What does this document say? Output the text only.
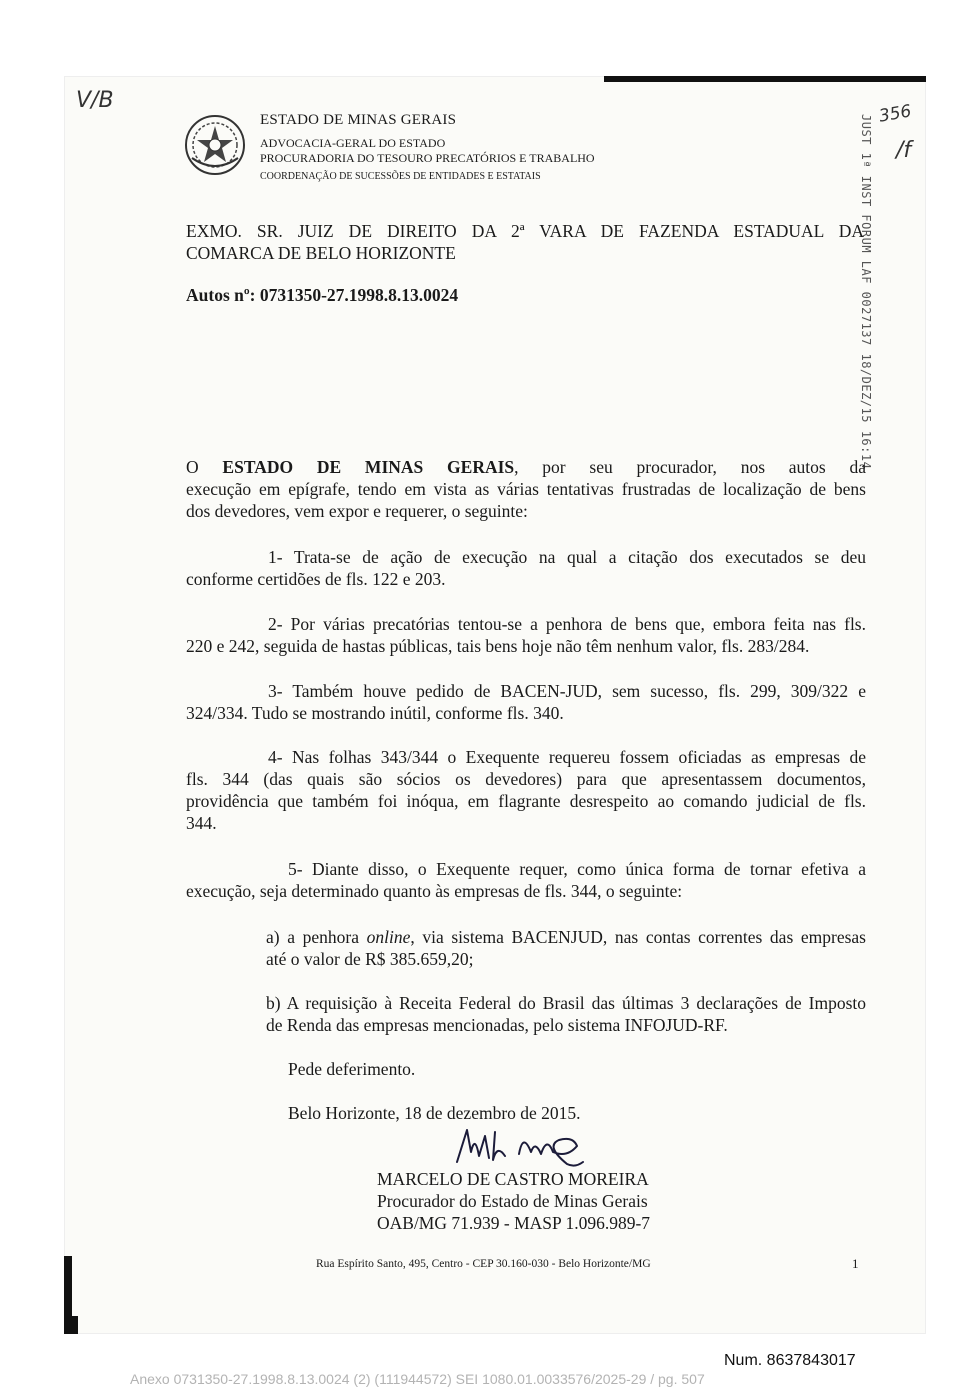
V/B
356
/f
JUST 1ª INST FORUM LAF 0027137 18/DEZ/15 16:14
ESTADO DE MINAS GERAIS
ADVOCACIA-GERAL DO ESTADO
PROCURADORIA DO TESOURO PRECATÓRIOS E TRABALHO
COORDENAÇÃO DE SUCESSÕES DE ENTIDADES E ESTATAIS
EXMO. SR. JUIZ DE DIREITO DA 2ª VARA DE FAZENDA ESTADUAL DA
COMARCA DE BELO HORIZONTE
Autos nº: 0731350-27.1998.8.13.0024
O ESTADO DE MINAS GERAIS, por seu procurador, nos autos da
execução em epígrafe, tendo em vista as várias tentativas frustradas de localização de bens
dos devedores, vem expor e requerer, o seguinte:
1- Trata-se de ação de execução na qual a citação dos executados se deu
conforme certidões de fls. 122 e 203.
2- Por várias precatórias tentou-se a penhora de bens que, embora feita nas fls.
220 e 242, seguida de hastas públicas, tais bens hoje não têm nenhum valor, fls. 283/284.
3- Também houve pedido de BACEN-JUD, sem sucesso, fls. 299, 309/322 e
324/334. Tudo se mostrando inútil, conforme fls. 340.
4- Nas folhas 343/344 o Exequente requereu fossem oficiadas as empresas de
fls. 344 (das quais são sócios os devedores) para que apresentassem documentos,
providência que também foi inóqua, em flagrante desrespeito ao comando judicial de fls.
344.
5- Diante disso, o Exequente requer, como única forma de tornar efetiva a
execução, seja determinado quanto às empresas de fls. 344, o seguinte:
a) a penhora online, via sistema BACENJUD, nas contas correntes das empresas
até o valor de R$ 385.659,20;
b) A requisição à Receita Federal do Brasil das últimas 3 declarações de Imposto
de Renda das empresas mencionadas, pelo sistema INFOJUD-RF.
Pede deferimento.
Belo Horizonte, 18 de dezembro de 2015.
MARCELO DE CASTRO MOREIRA
Procurador do Estado de Minas Gerais
OAB/MG 71.939 - MASP 1.096.989-7
Rua Espírito Santo, 495, Centro - CEP 30.160-030 - Belo Horizonte/MG	1
Num. 8637843017
Anexo 0731350-27.1998.8.13.0024 (2) (111944572) SEI 1080.01.0033576/2025-29 / pg. 507
